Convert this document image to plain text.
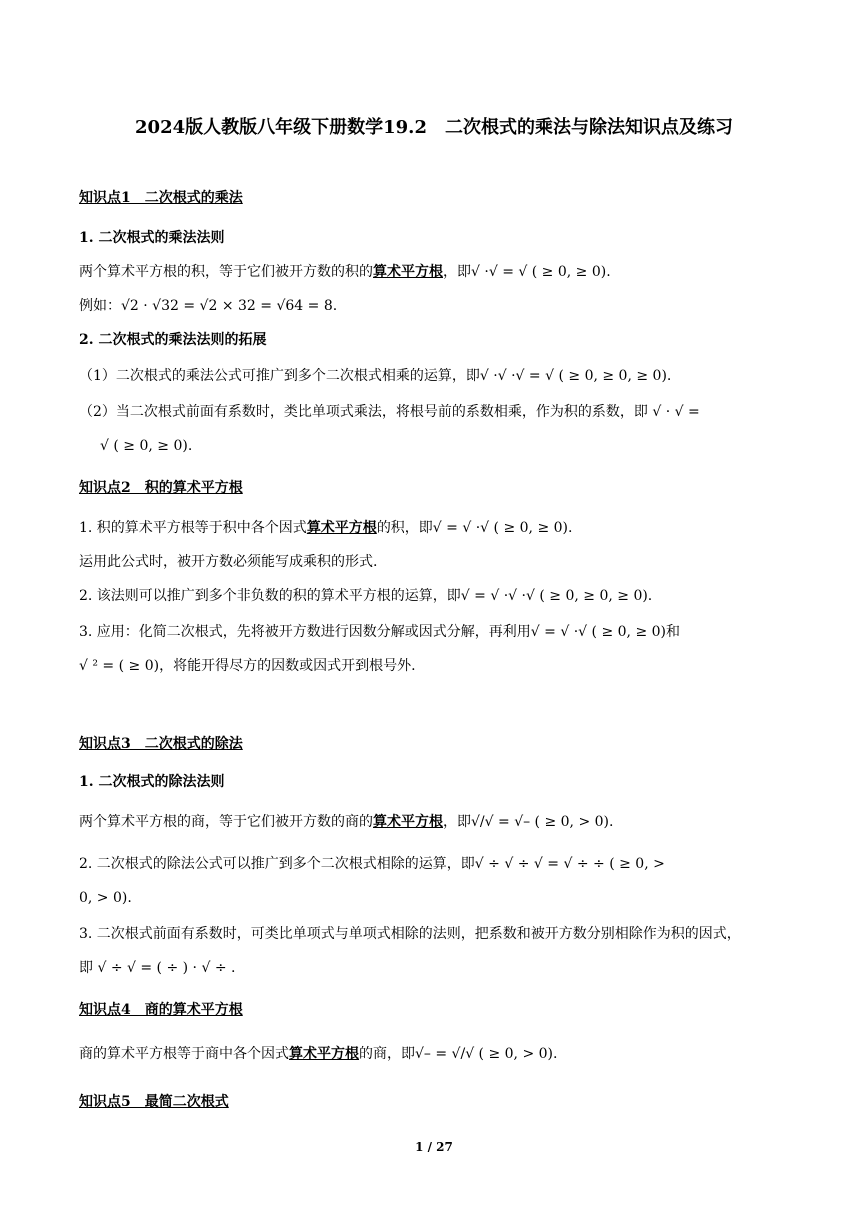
2024版人教版八年级下册数学19.2　二次根式的乘法与除法知识点及练习
知识点1　二次根式的乘法
1. 二次根式的乘法法则
两个算术平方根的积，等于它们被开方数的积的算术平方根，即√ ·√ = √ ( ≥ 0, ≥ 0).
例如：√2 · √32 = √2 × 32 = √64 = 8.
2. 二次根式的乘法法则的拓展
（1）二次根式的乘法公式可推广到多个二次根式相乘的运算，即√ ·√ ·√ = √ ( ≥ 0, ≥ 0, ≥ 0).
（2）当二次根式前面有系数时，类比单项式乘法，将根号前的系数相乘，作为积的系数，即 √ · √ =
√ ( ≥ 0, ≥ 0).
知识点2　积的算术平方根
1. 积的算术平方根等于积中各个因式算术平方根的积，即√ = √ ·√ ( ≥ 0, ≥ 0).
运用此公式时，被开方数必须能写成乘积的形式.
2. 该法则可以推广到多个非负数的积的算术平方根的运算，即√ = √ ·√ ·√ ( ≥ 0, ≥ 0, ≥ 0).
3. 应用：化简二次根式，先将被开方数进行因数分解或因式分解，再利用√ = √ ·√ ( ≥ 0, ≥ 0)和
√ ² = ( ≥ 0)，将能开得尽方的因数或因式开到根号外.
知识点3　二次根式的除法
1. 二次根式的除法法则
两个算术平方根的商，等于它们被开方数的商的算术平方根，即√/√ = √– ( ≥ 0, > 0).
2. 二次根式的除法公式可以推广到多个二次根式相除的运算，即√ ÷ √ ÷ √ = √ ÷ ÷ ( ≥ 0, >
0, > 0).
3. 二次根式前面有系数时，可类比单项式与单项式相除的法则，把系数和被开方数分别相除作为积的因式，
即 √ ÷ √ = ( ÷ ) · √ ÷ .
知识点4　商的算术平方根
商的算术平方根等于商中各个因式算术平方根的商，即√– = √/√ ( ≥ 0, > 0).
知识点5　最简二次根式
1 / 27
